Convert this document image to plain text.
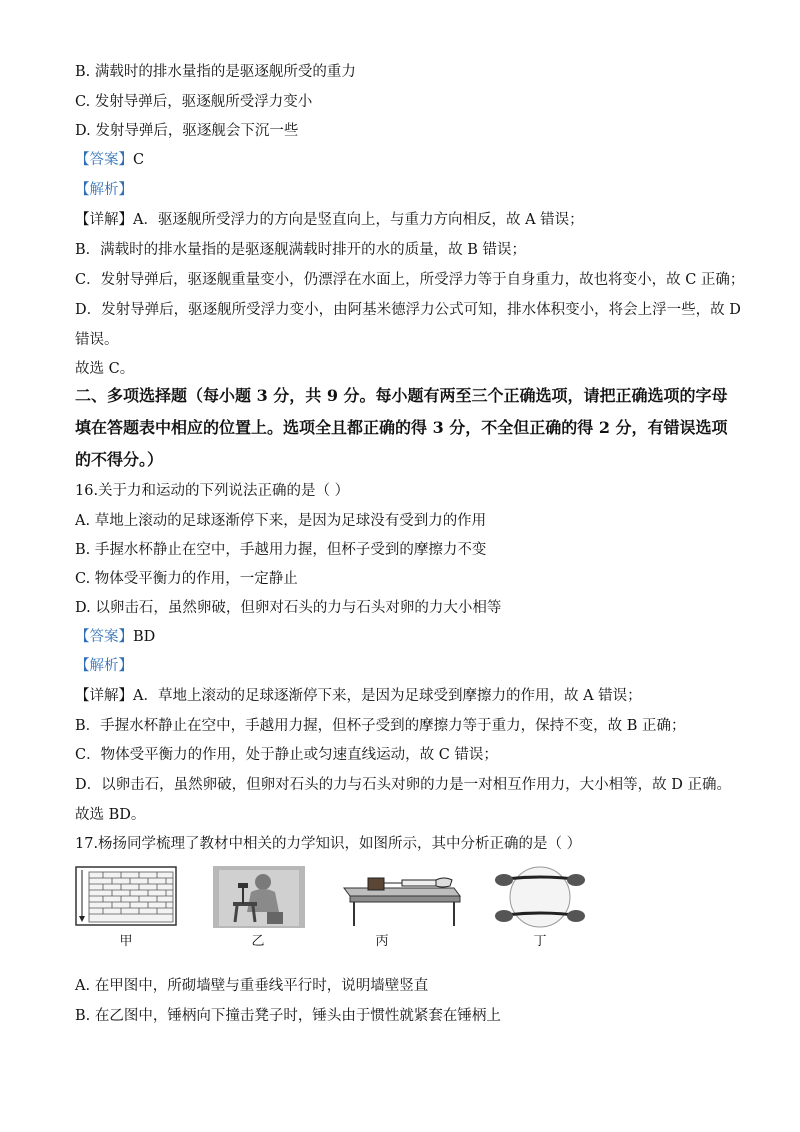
B. 满载时的排水量指的是驱逐舰所受的重力
C. 发射导弹后，驱逐舰所受浮力变小
D. 发射导弹后，驱逐舰会下沉一些
【答案】C
【解析】
【详解】A．驱逐舰所受浮力的方向是竖直向上，与重力方向相反，故 A 错误；
B．满载时的排水量指的是驱逐舰满载时排开的水的质量，故 B 错误；
C．发射导弹后，驱逐舰重量变小，仍漂浮在水面上，所受浮力等于自身重力，故也将变小，故 C 正确；
D．发射导弹后，驱逐舰所受浮力变小，由阿基米德浮力公式可知，排水体积变小，将会上浮一些，故 D
错误。
故选 C。
二、多项选择题（每小题 3 分，共 9 分。每小题有两至三个正确选项，请把正确选项的字母
填在答题表中相应的位置上。选项全且都正确的得 3 分，不全但正确的得 2 分，有错误选项
的不得分。）
16.关于力和运动的下列说法正确的是（ ）
A. 草地上滚动的足球逐渐停下来，是因为足球没有受到力的作用
B. 手握水杯静止在空中，手越用力握，但杯子受到的摩擦力不变
C. 物体受平衡力的作用，一定静止
D. 以卵击石，虽然卵破，但卵对石头的力与石头对卵的力大小相等
【答案】BD
【解析】
【详解】A．草地上滚动的足球逐渐停下来，是因为足球受到摩擦力的作用，故 A 错误；
B．手握水杯静止在空中，手越用力握，但杯子受到的摩擦力等于重力，保持不变，故 B 正确；
C．物体受平衡力的作用，处于静止或匀速直线运动，故 C 错误；
D．以卵击石，虽然卵破，但卵对石头的力与石头对卵的力是一对相互作用力，大小相等，故 D 正确。
故选 BD。
17.杨扬同学梳理了教材中相关的力学知识，如图所示，其中分析正确的是（ ）
甲	乙	丙	丁
A. 在甲图中，所砌墙壁与重垂线平行时，说明墙壁竖直
B. 在乙图中，锤柄向下撞击凳子时，锤头由于惯性就紧套在锤柄上
